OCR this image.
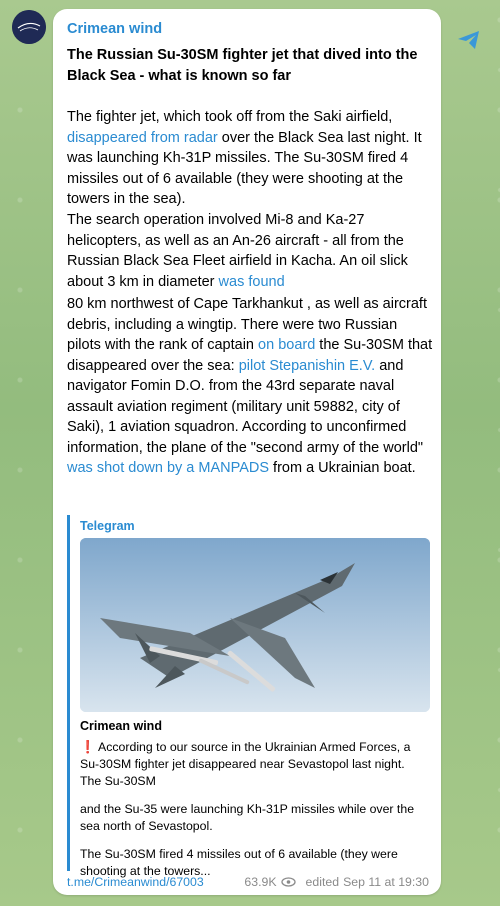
Crimean wind
The Russian Su-30SM fighter jet that dived into the Black Sea - what is known so far
The fighter jet, which took off from the Saki airfield, disappeared from radar over the Black Sea last night. It was launching Kh-31P missiles. The Su-30SM fired 4 missiles out of 6 available (they were shooting at the towers in the sea).
The search operation involved Mi-8 and Ka-27 helicopters, as well as an An-26 aircraft - all from the Russian Black Sea Fleet airfield in Kacha. An oil slick about 3 km in diameter was found
80 km northwest of Cape Tarkhankut , as well as aircraft debris, including a wingtip. There were two Russian pilots with the rank of captain on board the Su-30SM that disappeared over the sea: pilot Stepanishin E.V. and navigator Fomin D.O. from the 43rd separate naval assault aviation regiment (military unit 59882, city of Saki), 1 aviation squadron. According to unconfirmed information, the plane of the "second army of the world" was shot down by a MANPADS from a Ukrainian boat.
Telegram
Crimean wind
❗ According to our source in the Ukrainian Armed Forces, a Su-30SM fighter jet disappeared near Sevastopol last night. The Su-30SM
and the Su-35 were launching Kh-31P missiles while over the sea north of Sevastopol.
The Su-30SM fired 4 missiles out of 6 available (they were shooting at the towers...
t.me/Crimeanwind/67003	63.9K edited Sep 11 at 19:30
